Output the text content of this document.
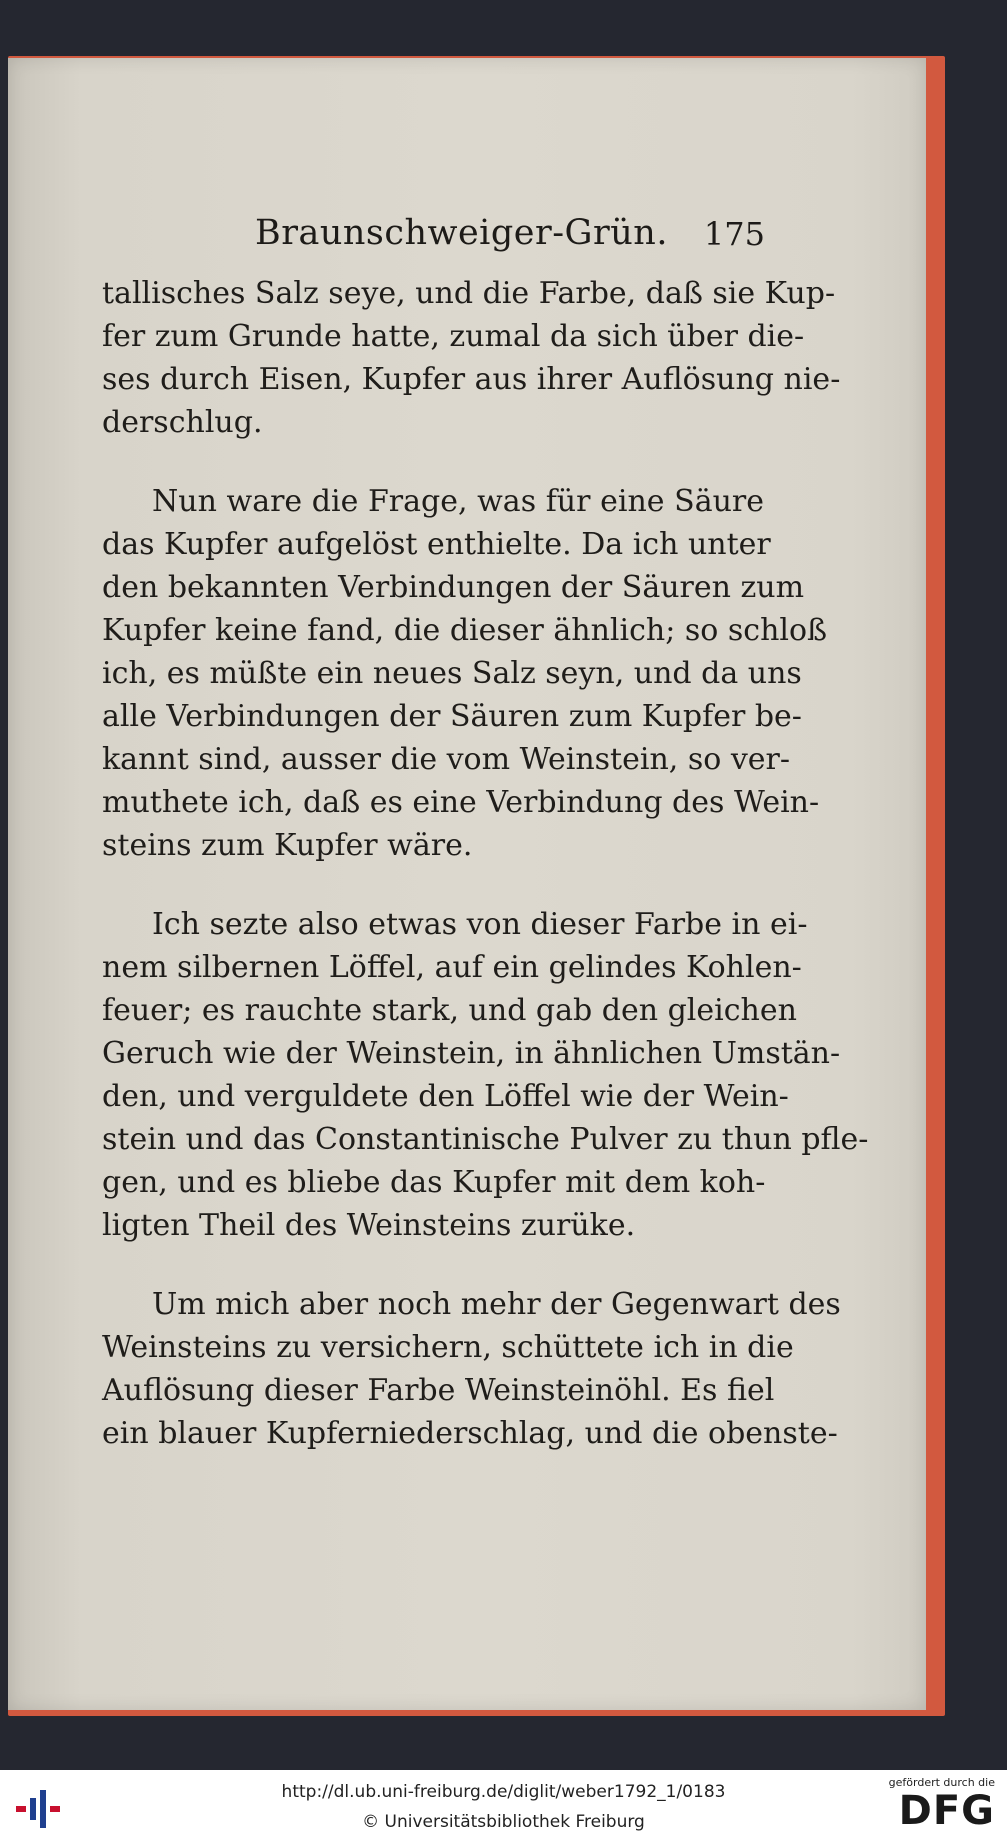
Braunschweiger-Grün. 175
tallisches Salz seye, und die Farbe, daß sie Kup-
fer zum Grunde hatte, zumal da sich über die-
ses durch Eisen, Kupfer aus ihrer Auflösung nie-
derschlug.
Nun ware die Frage, was für eine Säure
das Kupfer aufgelöst enthielte. Da ich unter
den bekannten Verbindungen der Säuren zum
Kupfer keine fand, die dieser ähnlich; so schloß
ich, es müßte ein neues Salz seyn, und da uns
alle Verbindungen der Säuren zum Kupfer be-
kannt sind, ausser die vom Weinstein, so ver-
muthete ich, daß es eine Verbindung des Wein-
steins zum Kupfer wäre.
Ich sezte also etwas von dieser Farbe in ei-
nem silbernen Löffel, auf ein gelindes Kohlen-
feuer; es rauchte stark, und gab den gleichen
Geruch wie der Weinstein, in ähnlichen Umstän-
den, und verguldete den Löffel wie der Wein-
stein und das Constantinische Pulver zu thun pfle-
gen, und es bliebe das Kupfer mit dem koh-
ligten Theil des Weinsteins zurüke.
Um mich aber noch mehr der Gegenwart des
Weinsteins zu versichern, schüttete ich in die
Auflösung dieser Farbe Weinsteinöhl. Es fiel
ein blauer Kupferniederschlag, und die obenste-
http://dl.ub.uni-freiburg.de/diglit/weber1792_1/0183
© Universitätsbibliothek Freiburg
gefördert durch die
DFG
